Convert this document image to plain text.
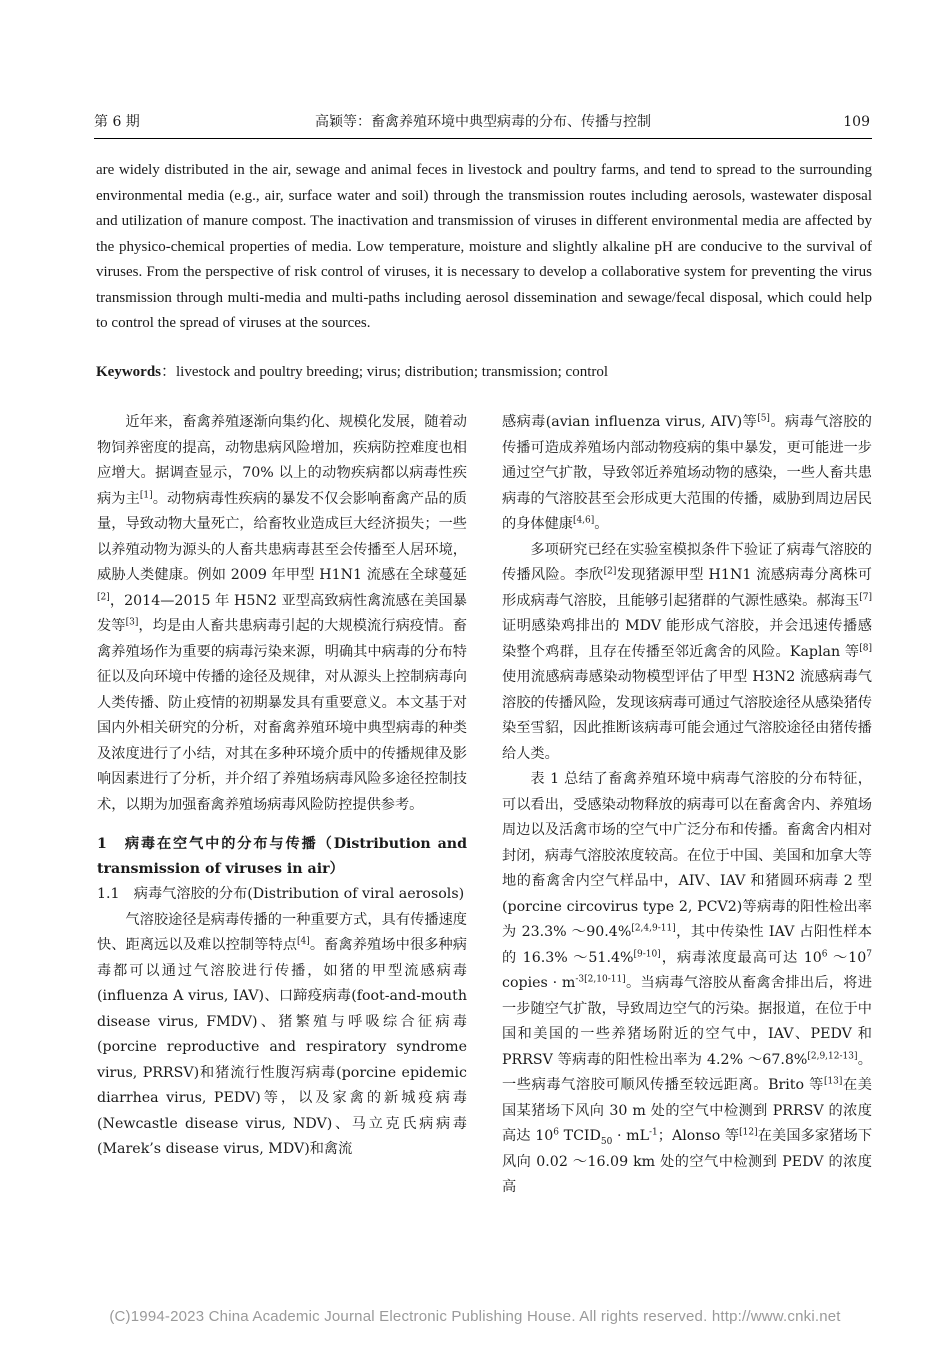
第 6 期	高颖等：畜禽养殖环境中典型病毒的分布、传播与控制	109

are widely distributed in the air, sewage and animal feces in livestock and poultry farms, and tend to spread to the surrounding environmental media (e.g., air, surface water and soil) through the transmission routes including aerosols, wastewater disposal and utilization of manure compost. The inactivation and transmission of viruses in different environmental media are affected by the physico-chemical properties of media. Low temperature, moisture and slightly alkaline pH are conducive to the survival of viruses. From the perspective of risk control of viruses, it is necessary to develop a collaborative system for preventing the virus transmission through multi-media and multi-paths including aerosol dissemination and sewage/fecal disposal, which could help to control the spread of viruses at the sources.

Keywords：livestock and poultry breeding; virus; distribution; transmission; control

近年来，畜禽养殖逐渐向集约化、规模化发展，随着动物饲养密度的提高，动物患病风险增加，疾病防控难度也相应增大。据调查显示，70% 以上的动物疾病都以病毒性疾病为主[1]。动物病毒性疾病的暴发不仅会影响畜禽产品的质量，导致动物大量死亡，给畜牧业造成巨大经济损失；一些以养殖动物为源头的人畜共患病毒甚至会传播至人居环境，威胁人类健康。例如 2009 年甲型 H1N1 流感在全球蔓延[2]，2014—2015 年 H5N2 亚型高致病性禽流感在美国暴发等[3]，均是由人畜共患病毒引起的大规模流行病疫情。畜禽养殖场作为重要的病毒污染来源，明确其中病毒的分布特征以及向环境中传播的途径及规律，对从源头上控制病毒向人类传播、防止疫情的初期暴发具有重要意义。本文基于对国内外相关研究的分析，对畜禽养殖环境中典型病毒的种类及浓度进行了小结，对其在多种环境介质中的传播规律及影响因素进行了分析，并介绍了养殖场病毒风险多途径控制技术，以期为加强畜禽养殖场病毒风险防控提供参考。

1　病毒在空气中的分布与传播（Distribution and transmission of viruses in air）

1.1　病毒气溶胶的分布(Distribution of viral aerosols)

气溶胶途径是病毒传播的一种重要方式，具有传播速度快、距离远以及难以控制等特点[4]。畜禽养殖场中很多种病毒都可以通过气溶胶进行传播，如猪的甲型流感病毒(influenza A virus, IAV)、口蹄疫病毒(foot-and-mouth disease virus, FMDV)、猪繁殖与呼吸综合征病毒(porcine reproductive and respiratory syndrome virus, PRRSV)和猪流行性腹泻病毒(porcine epidemic diarrhea virus, PEDV)等，以及家禽的新城疫病毒(Newcastle disease virus, NDV)、马立克氏病病毒(Marek’s disease virus, MDV)和禽流

感病毒(avian influenza virus, AIV)等[5]。病毒气溶胶的传播可造成养殖场内部动物疫病的集中暴发，更可能进一步通过空气扩散，导致邻近养殖场动物的感染，一些人畜共患病毒的气溶胶甚至会形成更大范围的传播，威胁到周边居民的身体健康[4,6]。

多项研究已经在实验室模拟条件下验证了病毒气溶胶的传播风险。李欣[2]发现猪源甲型 H1N1 流感病毒分离株可形成病毒气溶胶，且能够引起猪群的气源性感染。郝海玉[7]证明感染鸡排出的 MDV 能形成气溶胶，并会迅速传播感染整个鸡群，且存在传播至邻近禽舍的风险。Kaplan 等[8]使用流感病毒感染动物模型评估了甲型 H3N2 流感病毒气溶胶的传播风险，发现该病毒可通过气溶胶途径从感染猪传染至雪貂，因此推断该病毒可能会通过气溶胶途径由猪传播给人类。

表 1 总结了畜禽养殖环境中病毒气溶胶的分布特征，可以看出，受感染动物释放的病毒可以在畜禽舍内、养殖场周边以及活禽市场的空气中广泛分布和传播。畜禽舍内相对封闭，病毒气溶胶浓度较高。在位于中国、美国和加拿大等地的畜禽舍内空气样品中，AIV、IAV 和猪圆环病毒 2 型(porcine circovirus type 2, PCV2)等病毒的阳性检出率为 23.3% ～90.4%[2,4,9-11]，其中传染性 IAV 占阳性样本的 16.3% ～51.4%[9-10]，病毒浓度最高可达 $10^6$ $\sim 10^7$ copies · $m^{-3[2,10-11]}$。当病毒气溶胶从畜禽舍排出后，将进一步随空气扩散，导致周边空气的污染。据报道，在位于中国和美国的一些养猪场附近的空气中，IAV、PEDV 和 PRRSV 等病毒的阳性检出率为 4.2% ～67.8%[2,9,12-13]。一些病毒气溶胶可顺风传播至较远距离。Brito 等[13]在美国某猪场下风向 30 m 处的空气中检测到 PRRSV 的浓度高达 $10^6$ $TCID_{50} \cdot mL^{-1}$；Alonso 等[12]在美国多家猪场下风向 0.02 ～16.09 km 处的空气中检测到 PEDV 的浓度高

(C)1994-2023 China Academic Journal Electronic Publishing House. All rights reserved. http://www.cnki.net
